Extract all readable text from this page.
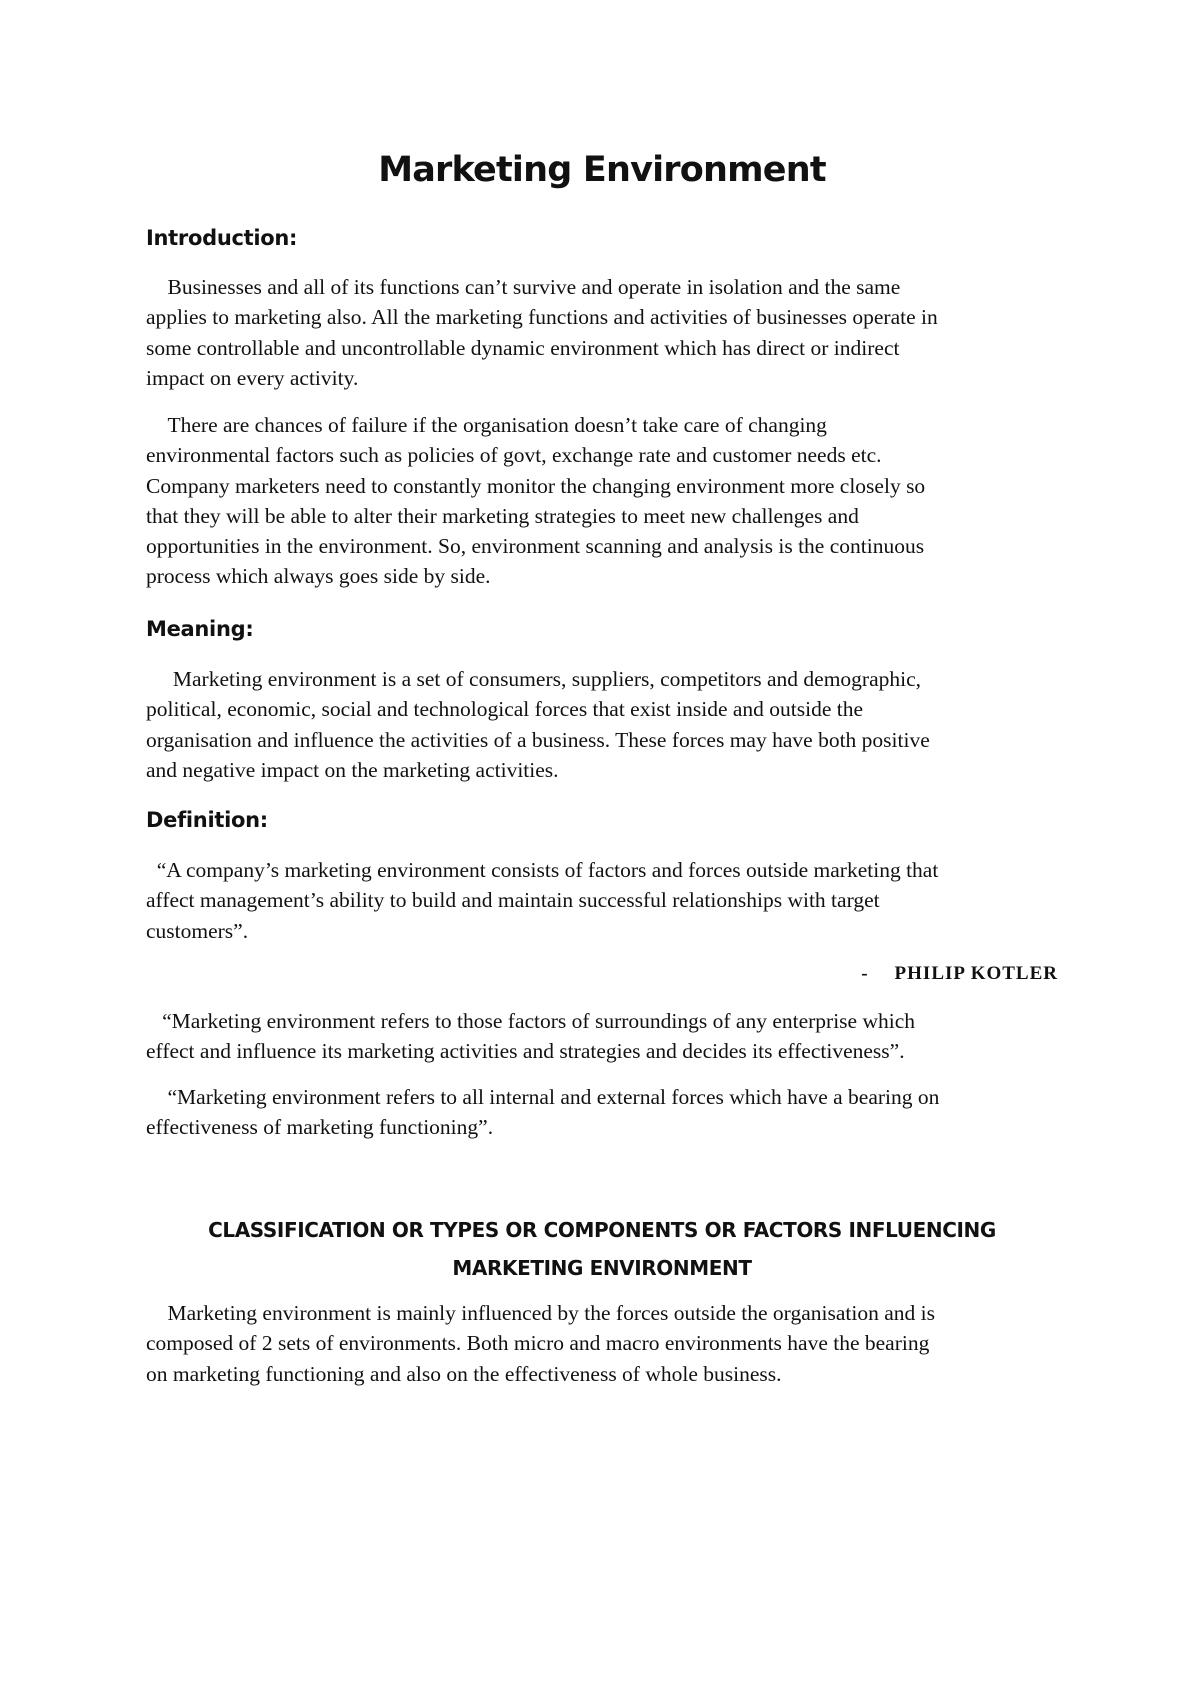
Marketing Environment
Introduction:

Businesses and all of its functions can’t survive and operate in isolation and the same
applies to marketing also. All the marketing functions and activities of businesses operate in
some controllable and uncontrollable dynamic environment which has direct or indirect
impact on every activity.

There are chances of failure if the organisation doesn’t take care of changing
environmental factors such as policies of govt, exchange rate and customer needs etc.
Company marketers need to constantly monitor the changing environment more closely so
that they will be able to alter their marketing strategies to meet new challenges and
opportunities in the environment. So, environment scanning and analysis is the continuous
process which always goes side by side.

Meaning:

Marketing environment is a set of consumers, suppliers, competitors and demographic,
political, economic, social and technological forces that exist inside and outside the
organisation and influence the activities of a business. These forces may have both positive
and negative impact on the marketing activities.

Definition:

“A company’s marketing environment consists of factors and forces outside marketing that
affect management’s ability to build and maintain successful relationships with target
customers”.

- PHILIP KOTLER

“Marketing environment refers to those factors of surroundings of any enterprise which
effect and influence its marketing activities and strategies and decides its effectiveness”.

“Marketing environment refers to all internal and external forces which have a bearing on
effectiveness of marketing functioning”.

CLASSIFICATION OR TYPES OR COMPONENTS OR FACTORS INFLUENCING
MARKETING ENVIRONMENT

Marketing environment is mainly influenced by the forces outside the organisation and is
composed of 2 sets of environments. Both micro and macro environments have the bearing
on marketing functioning and also on the effectiveness of whole business.
